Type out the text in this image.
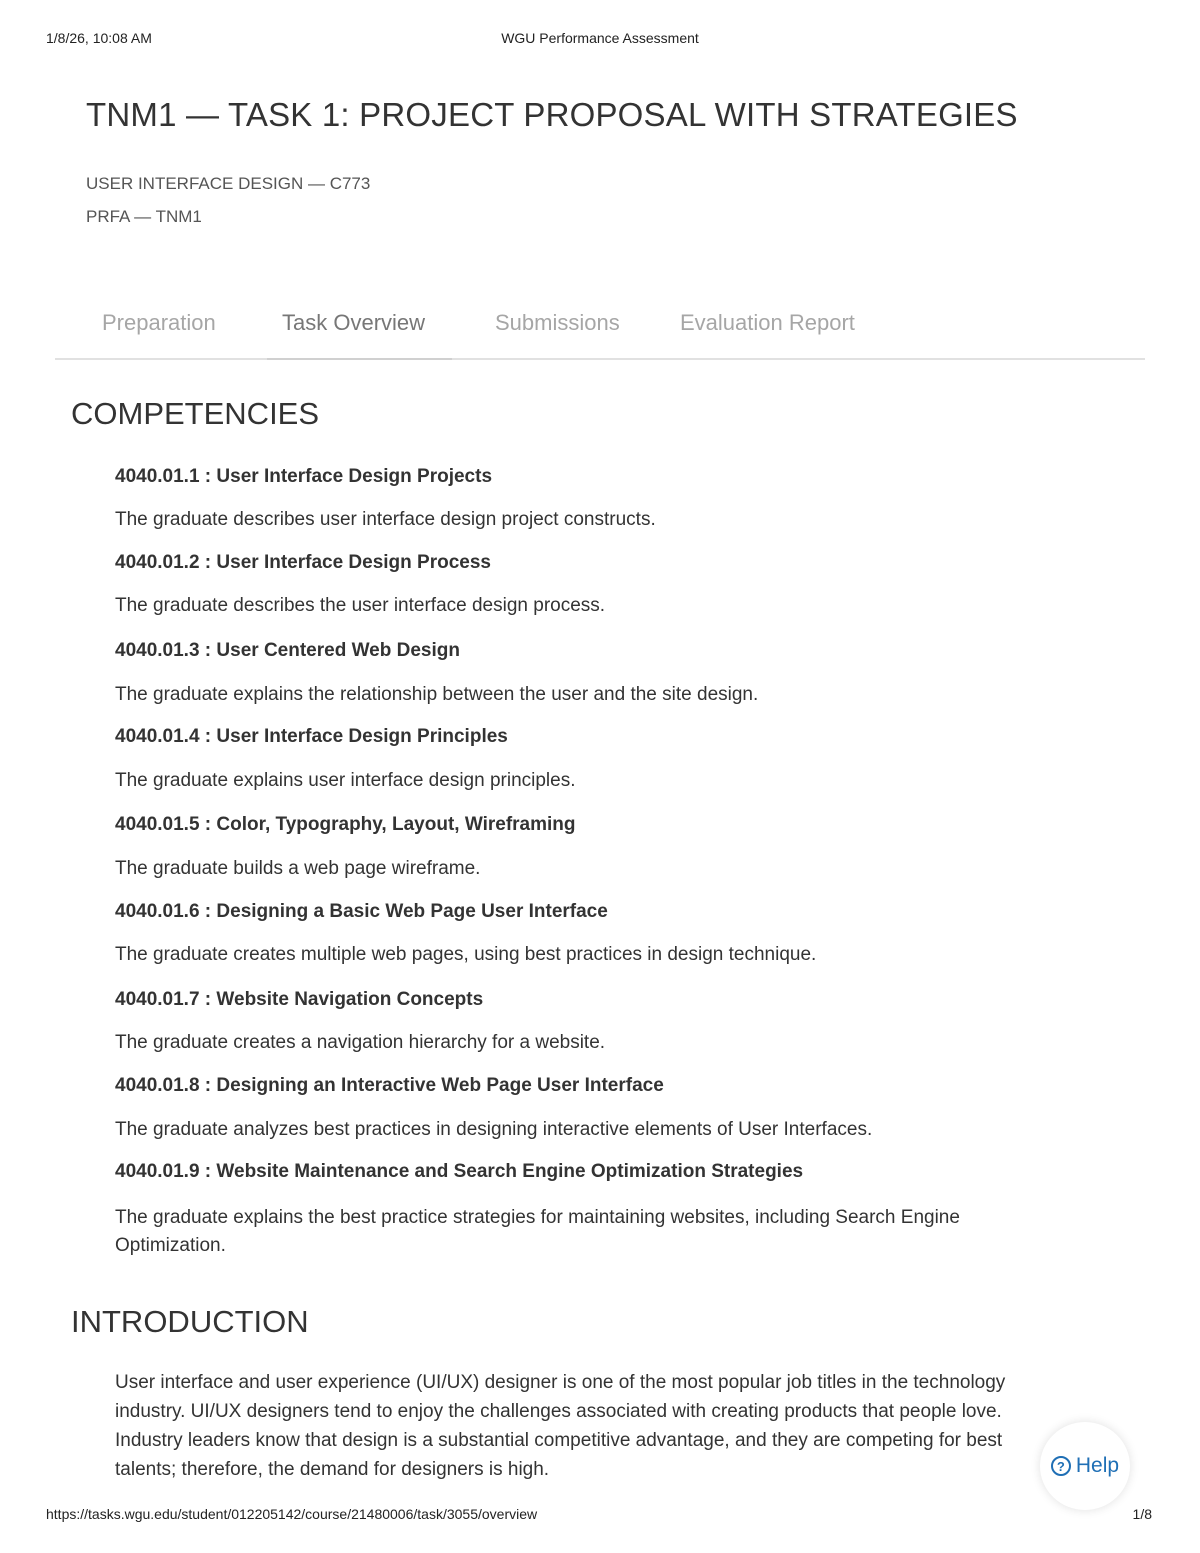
1/8/26, 10:08 AM	WGU Performance Assessment
TNM1 — TASK 1: PROJECT PROPOSAL WITH STRATEGIES

USER INTERFACE DESIGN — C773

PRFA — TNM1

Preparation	Task Overview	Submissions	Evaluation Report
COMPETENCIES

4040.01.1 : User Interface Design Projects

The graduate describes user interface design project constructs.

4040.01.2 : User Interface Design Process

The graduate describes the user interface design process.

4040.01.3 : User Centered Web Design

The graduate explains the relationship between the user and the site design.

4040.01.4 : User Interface Design Principles

The graduate explains user interface design principles.

4040.01.5 : Color, Typography, Layout, Wireframing

The graduate builds a web page wireframe.

4040.01.6 : Designing a Basic Web Page User Interface

The graduate creates multiple web pages, using best practices in design technique.

4040.01.7 : Website Navigation Concepts

The graduate creates a navigation hierarchy for a website.

4040.01.8 : Designing an Interactive Web Page User Interface

The graduate analyzes best practices in designing interactive elements of User Interfaces.

4040.01.9 : Website Maintenance and Search Engine Optimization Strategies

The graduate explains the best practice strategies for maintaining websites, including Search Engine Optimization.

INTRODUCTION

User interface and user experience (UI/UX) designer is one of the most popular job titles in the technology industry. UI/UX designers tend to enjoy the challenges associated with creating products that people love. Industry leaders know that design is a substantial competitive advantage, and they are competing for best talents; therefore, the demand for designers is high.	? Help
https://tasks.wgu.edu/student/012205142/course/21480006/task/3055/overview	1/8
